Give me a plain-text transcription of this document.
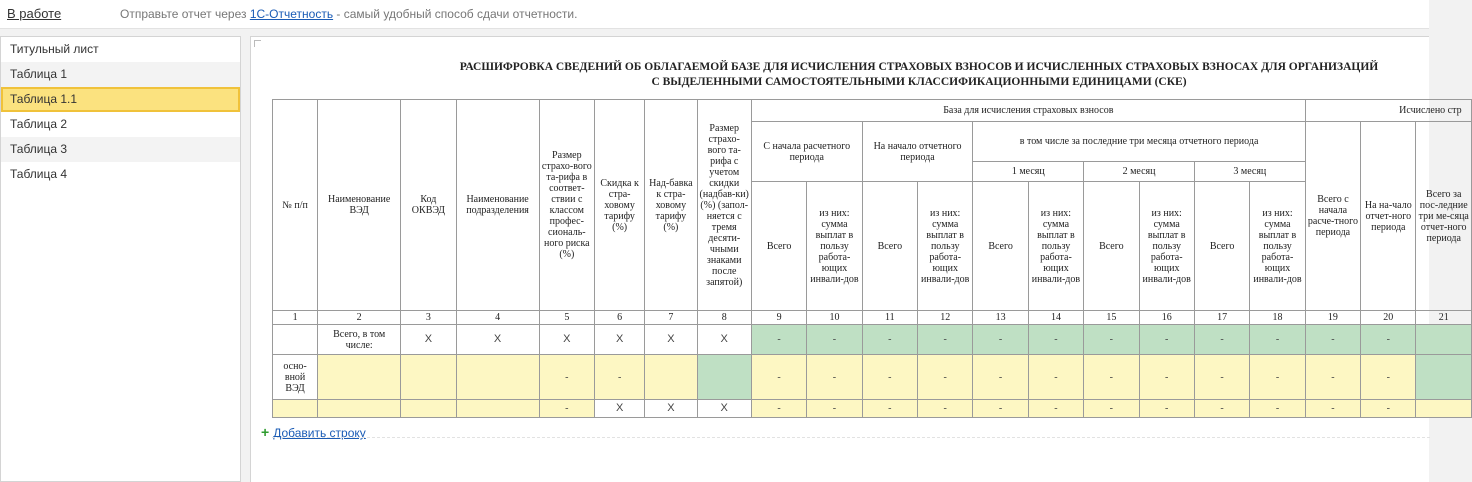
В работе	Отправьте отчет через 1С-Отчетность - самый удобный способ сдачи отчетности.
Титульный лист
Таблица 1
Таблица 1.1
Таблица 2
Таблица 3
Таблица 4
РАСШИФРОВКА СВЕДЕНИЙ ОБ ОБЛАГАЕМОЙ БАЗЕ ДЛЯ ИСЧИСЛЕНИЯ СТРАХОВЫХ ВЗНОСОВ И ИСЧИСЛЕННЫХ СТРАХОВЫХ ВЗНОСАХ ДЛЯ ОРГАНИЗАЦИЙ
С ВЫДЕЛЕННЫМИ САМОСТОЯТЕЛЬНЫМИ КЛАССИФИКАЦИОННЫМИ ЕДИНИЦАМИ (СКЕ)
№ п/п	Наименование ВЭД	Код ОКВЭД	Наименование подразделения	Размер страхо-вого та-рифа в соответ-ствии с классом профес-сиональ-ного риска (%)	Скидка к стра-ховому тарифу (%)	Над-бавка к стра-ховому тарифу (%)	Размер страхо-вого та-рифа с учетом скидки (надбав-ки) (%) (запол-няется с тремя десяти-чными знаками после запятой)	База для исчисления страховых взносов										Исчислено стр		
								С начала расчетного периода		На начало отчетного периода		в том числе за последние три месяца отчетного периода						Всего с начала расче-тного периода	На на-чало отчет-ного периода	Всего за пос-ледние три ме-сяца отчет-ного периода
												1 месяц		2 месяц		3 месяц				
								Всего	из них: сумма выплат в пользу работа-ющих инвали-дов	Всего	из них: сумма выплат в пользу работа-ющих инвали-дов	Всего	из них: сумма выплат в пользу работа-ющих инвали-дов	Всего	из них: сумма выплат в пользу работа-ющих инвали-дов	Всего	из них: сумма выплат в пользу работа-ющих инвали-дов			
1	2	3	4	5	6	7	8	9	10	11	12	13	14	15	16	17	18	19	20	21
	Всего, в том числе:	X	X	X	X	X	X	-	-	-	-	-	-	-	-	-	-	-	-	
осно-вной ВЭД				-	-			-	-	-	-	-	-	-	-	-	-	-	-	
				-	X	X	X	-	-	-	-	-	-	-	-	-	-	-	-	
+ Добавить строку
